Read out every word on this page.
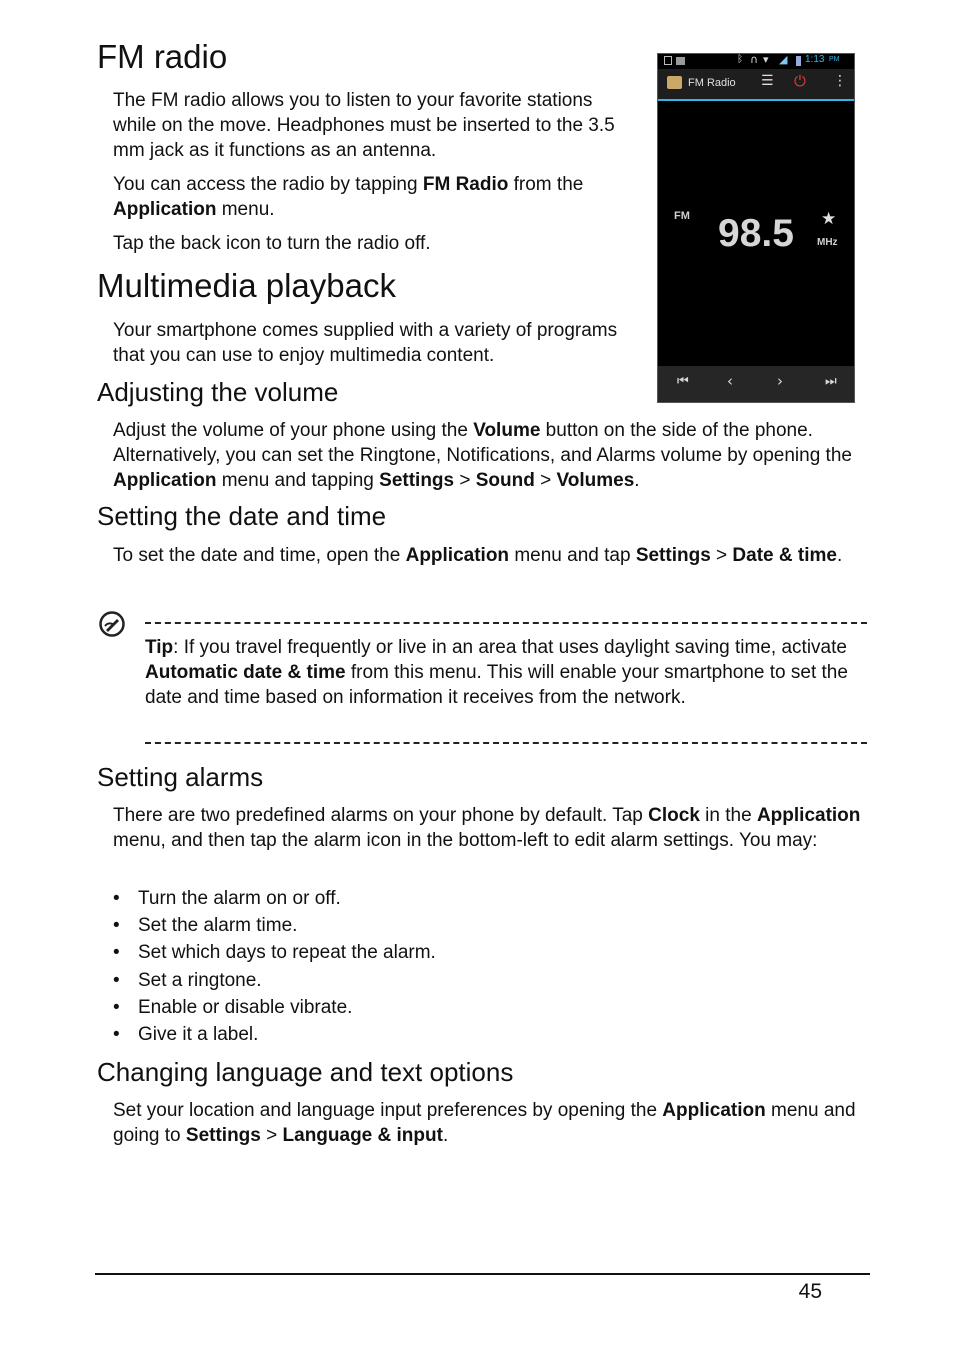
FM radio

The FM radio allows you to listen to your favorite stations while on the move. Headphones must be inserted to the 3.5 mm jack as it functions as an antenna.

You can access the radio by tapping FM Radio from the Application menu.

Tap the back icon to turn the radio off.

ᛒ ∩ ▾ ◢ 1:13 PM
FM Radio ☰ ⏻ ⋮
FM 98.5 ★
MHz
⏮	‹	›	⏭
Multimedia playback

Your smartphone comes supplied with a variety of programs that you can use to enjoy multimedia content.

Adjusting the volume

Adjust the volume of your phone using the Volume button on the side of the phone. Alternatively, you can set the Ringtone, Notifications, and Alarms volume by opening the Application menu and tapping Settings > Sound > Volumes.

Setting the date and time

To set the date and time, open the Application menu and tap Settings > Date & time.

Tip: If you travel frequently or live in an area that uses daylight saving time, activate Automatic date & time from this menu. This will enable your smartphone to set the date and time based on information it receives from the network.

Setting alarms

There are two predefined alarms on your phone by default. Tap Clock in the Application menu, and then tap the alarm icon in the bottom-left to edit alarm settings. You may:

• Turn the alarm on or off.
• Set the alarm time.
• Set which days to repeat the alarm.
• Set a ringtone.
• Enable or disable vibrate.
• Give it a label.
Changing language and text options

Set your location and language input preferences by opening the Application menu and going to Settings > Language & input.

45
